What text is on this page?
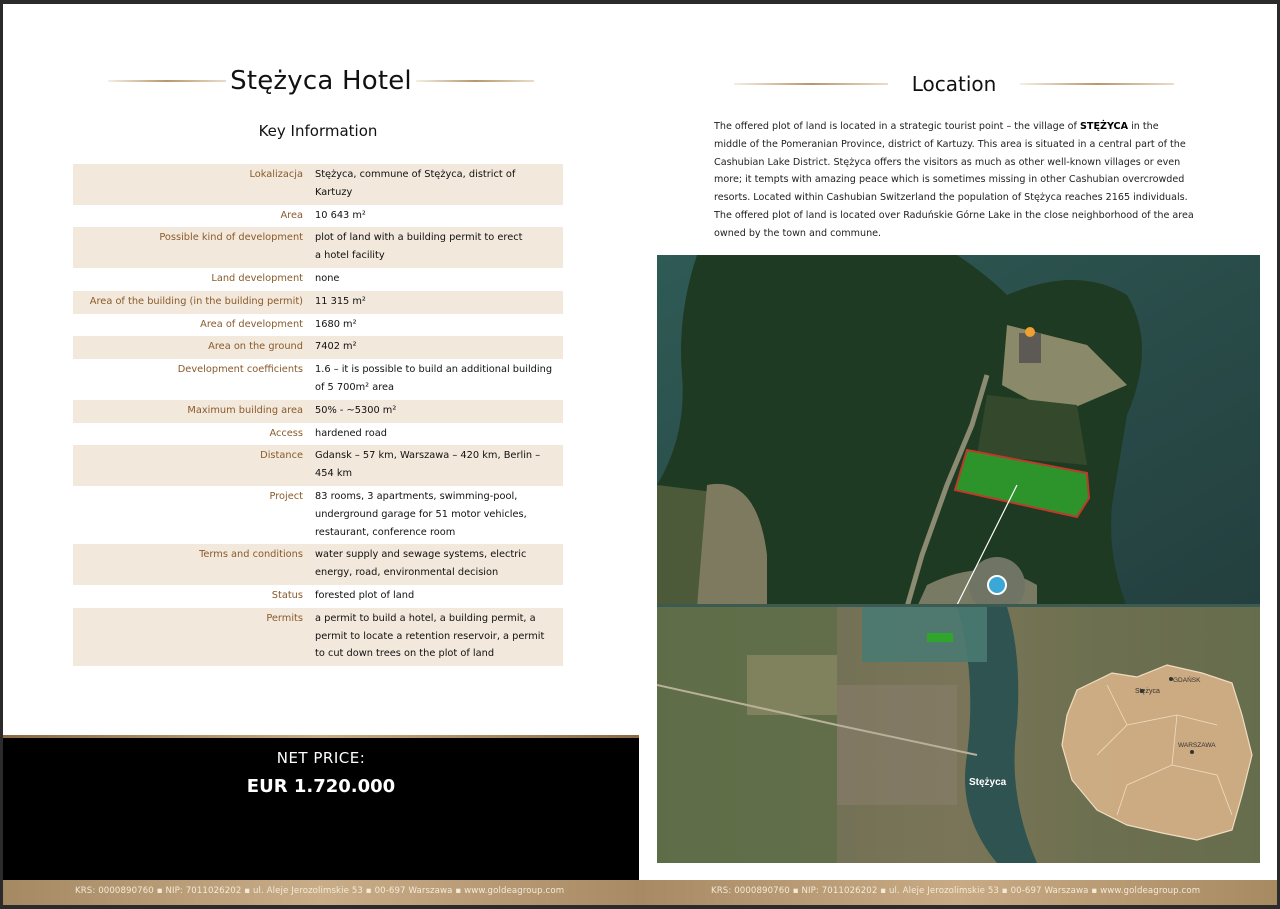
Stężyca Hotel
Key Information
Lokalizacja	Stężyca, commune of Stężyca, district of Kartuzy
Area	10 643 m²
Possible kind of development	plot of land with a building permit to erect
a hotel facility
Land development	none
Area of the building (in the building permit)	11 315 m²
Area of development	1680 m²
Area on the ground	7402 m²
Development coefficients	1.6 – it is possible to build an additional building
of 5 700m² area
Maximum building area	50% - ~5300 m²
Access	hardened road
Distance	Gdansk – 57 km, Warszawa – 420 km, Berlin –
454 km
Project	83 rooms, 3 apartments, swimming-pool,
underground garage for 51 motor vehicles,
restaurant, conference room
Terms and conditions	water supply and sewage systems, electric
energy, road, environmental decision
Status	forested plot of land
Permits	a permit to build a hotel, a building permit, a
permit to locate a retention reservoir, a permit
to cut down trees on the plot of land
NET PRICE:
EUR 1.720.000
Location
The offered plot of land is located in a strategic tourist point – the village of STĘŻYCA in the middle of the Pomeranian Province, district of Kartuzy. This area is situated in a central part of the Cashubian Lake District. Stężyca offers the visitors as much as other well-known villages or even more; it tempts with amazing peace which is sometimes missing in other Cashubian overcrowded resorts. Located within Cashubian Switzerland the population of Stężyca reaches 2165 individuals. The offered plot of land is located over Raduńskie Górne Lake in the close neighborhood of the area owned by the town and commune.
Stężyca
GDAŃSK
Stężyca
WARSZAWA
KRS: 0000890760 ▪ NIP: 7011026202 ▪ ul. Aleje Jerozolimskie 53 ▪ 00-697 Warszawa ▪ www.goldeagroup.com	KRS: 0000890760 ▪ NIP: 7011026202 ▪ ul. Aleje Jerozolimskie 53 ▪ 00-697 Warszawa ▪ www.goldeagroup.com
